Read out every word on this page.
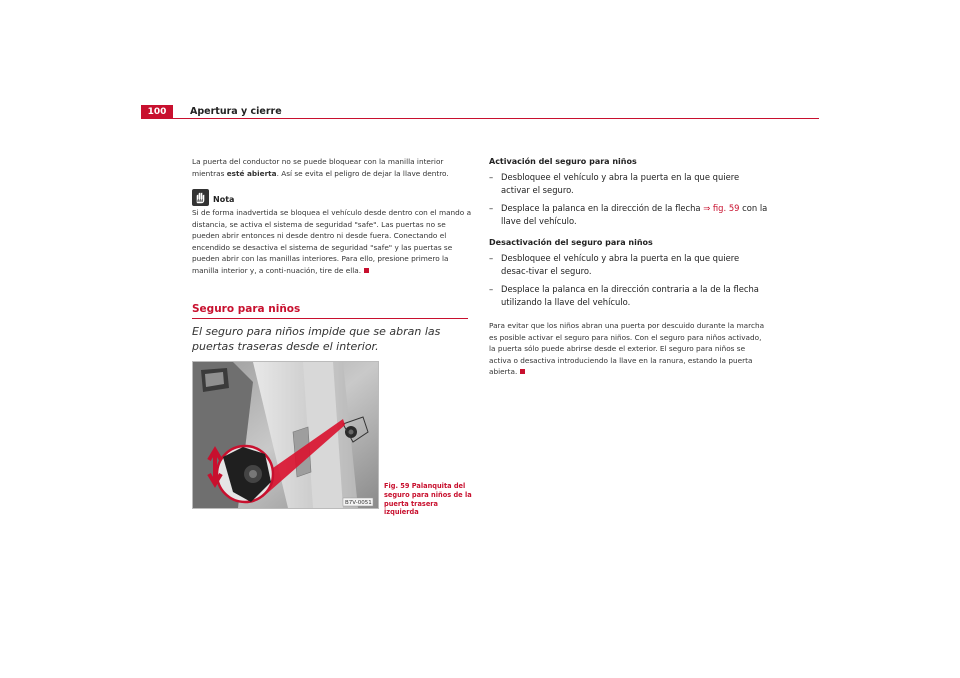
100	Apertura y cierre
La puerta del conductor no se puede bloquear con la manilla interior mientras esté abierta. Así se evita el peligro de dejar la llave dentro.
Nota
Si de forma inadvertida se bloquea el vehículo desde dentro con el mando a distancia, se activa el sistema de seguridad "safe". Las puertas no se pueden abrir entonces ni desde dentro ni desde fuera. Conectando el encendido se desactiva el sistema de seguridad "safe" y las puertas se pueden abrir con las manillas interiores. Para ello, presione primero la manilla interior y, a conti-nuación, tire de ella.
Seguro para niños
El seguro para niños impide que se abran las puertas traseras desde el interior.
B7V-0051
Fig. 59 Palanquita del seguro para niños de la puerta trasera izquierda
Activación del seguro para niños
– Desbloquee el vehículo y abra la puerta en la que quiere activar el seguro.
– Desplace la palanca en la dirección de la flecha ⇒ fig. 59 con la llave del vehículo.
Desactivación del seguro para niños
– Desbloquee el vehículo y abra la puerta en la que quiere desac-tivar el seguro.
– Desplace la palanca en la dirección contraria a la de la flecha utilizando la llave del vehículo.
Para evitar que los niños abran una puerta por descuido durante la marcha es posible activar el seguro para niños. Con el seguro para niños activado, la puerta sólo puede abrirse desde el exterior. El seguro para niños se activa o desactiva introduciendo la llave en la ranura, estando la puerta abierta.
